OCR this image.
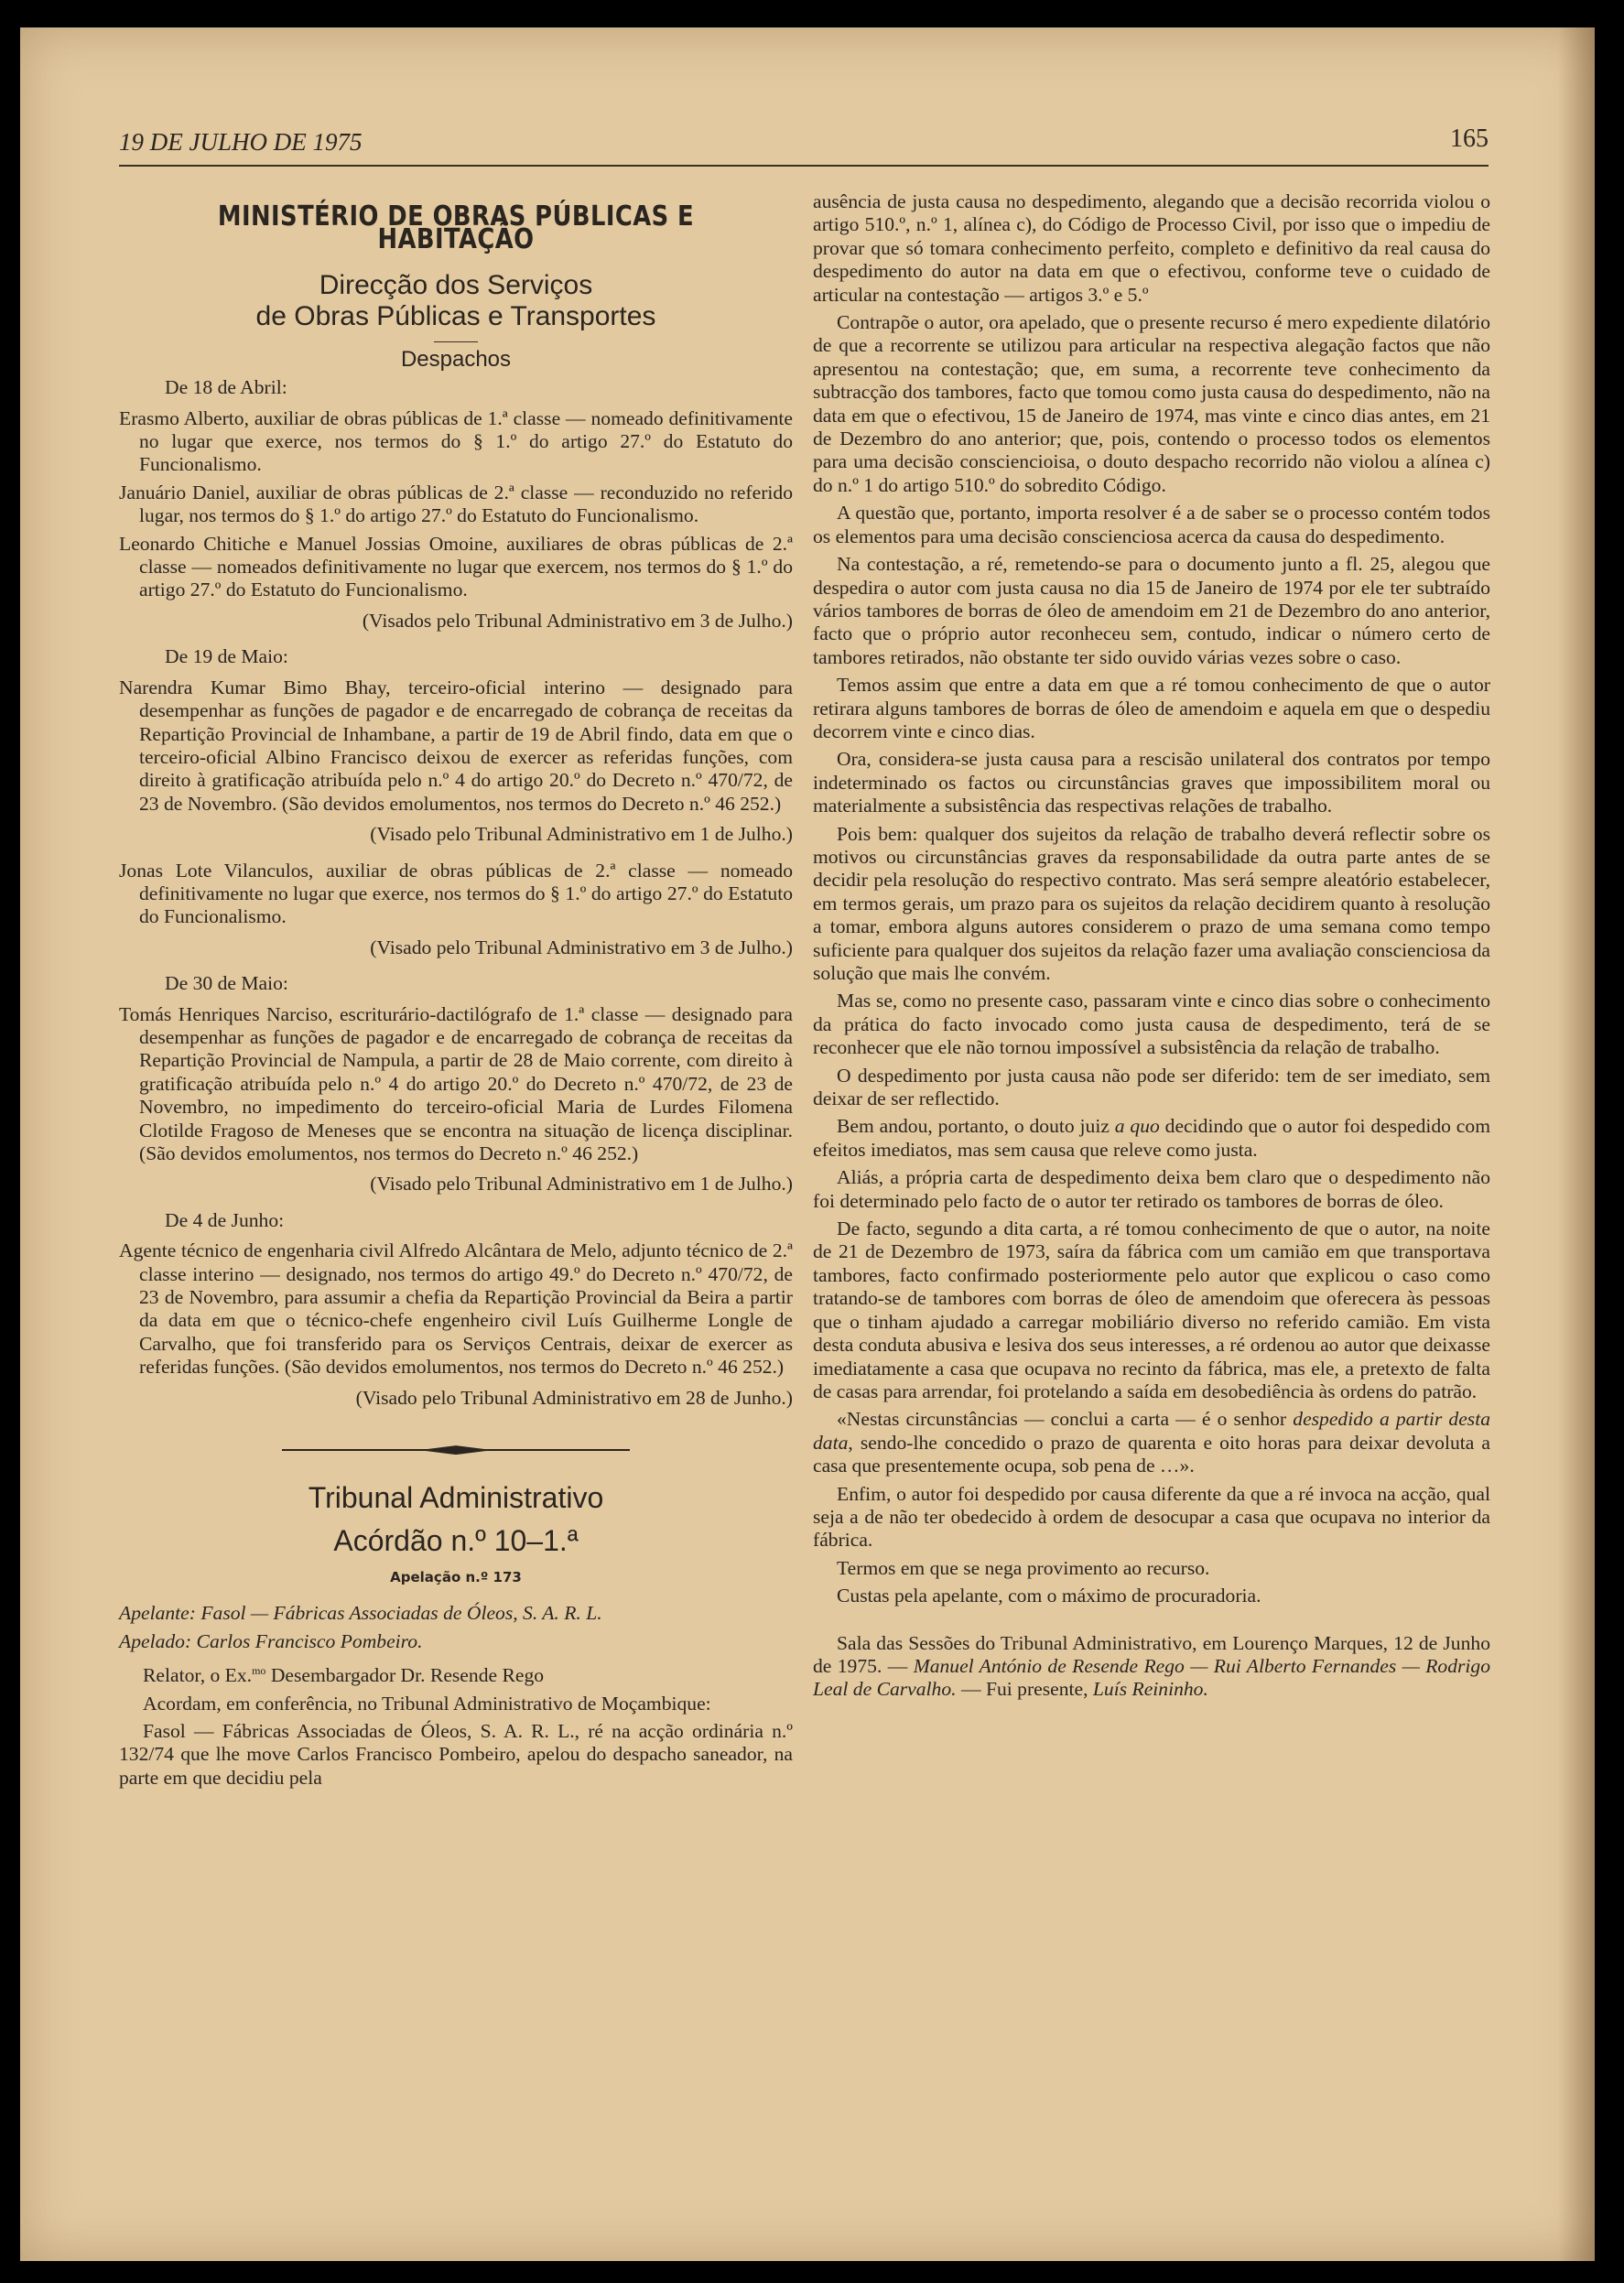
19 DE JULHO DE 1975	165
MINISTÉRIO DE OBRAS PÚBLICAS E HABITAÇÃO
Direcção dos Serviços
de Obras Públicas e Transportes
Despachos

De 18 de Abril:

Erasmo Alberto, auxiliar de obras públicas de 1.ª classe — nomeado definitivamente no lugar que exerce, nos termos do § 1.º do artigo 27.º do Estatuto do Funcionalismo.

Januário Daniel, auxiliar de obras públicas de 2.ª classe — reconduzido no referido lugar, nos termos do § 1.º do artigo 27.º do Estatuto do Funcionalismo.

Leonardo Chitiche e Manuel Jossias Omoine, auxiliares de obras públicas de 2.ª classe — nomeados definitivamente no lugar que exercem, nos termos do § 1.º do artigo 27.º do Estatuto do Funcionalismo.

(Visados pelo Tribunal Administrativo em 3 de Julho.)

De 19 de Maio:

Narendra Kumar Bimo Bhay, terceiro-oficial interino — designado para desempenhar as funções de pagador e de encarregado de cobrança de receitas da Repartição Provincial de Inhambane, a partir de 19 de Abril findo, data em que o terceiro-oficial Albino Francisco deixou de exercer as referidas funções, com direito à gratificação atribuída pelo n.º 4 do artigo 20.º do Decreto n.º 470/72, de 23 de Novembro. (São devidos emolumentos, nos termos do Decreto n.º 46 252.)

(Visado pelo Tribunal Administrativo em 1 de Julho.)

Jonas Lote Vilanculos, auxiliar de obras públicas de 2.ª classe — nomeado definitivamente no lugar que exerce, nos termos do § 1.º do artigo 27.º do Estatuto do Funcionalismo.

(Visado pelo Tribunal Administrativo em 3 de Julho.)

De 30 de Maio:

Tomás Henriques Narciso, escriturário-dactilógrafo de 1.ª classe — designado para desempenhar as funções de pagador e de encarregado de cobrança de receitas da Repartição Provincial de Nampula, a partir de 28 de Maio corrente, com direito à gratificação atribuída pelo n.º 4 do artigo 20.º do Decreto n.º 470/72, de 23 de Novembro, no impedimento do terceiro-oficial Maria de Lurdes Filomena Clotilde Fragoso de Meneses que se encontra na situação de licença disciplinar. (São devidos emolumentos, nos termos do Decreto n.º 46 252.)

(Visado pelo Tribunal Administrativo em 1 de Julho.)

De 4 de Junho:

Agente técnico de engenharia civil Alfredo Alcântara de Melo, adjunto técnico de 2.ª classe interino — designado, nos termos do artigo 49.º do Decreto n.º 470/72, de 23 de Novembro, para assumir a chefia da Repartição Provincial da Beira a partir da data em que o técnico-chefe engenheiro civil Luís Guilherme Longle de Carvalho, que foi transferido para os Serviços Centrais, deixar de exercer as referidas funções. (São devidos emolumentos, nos termos do Decreto n.º 46 252.)

(Visado pelo Tribunal Administrativo em 28 de Junho.)

Tribunal Administrativo
Acórdão n.º 10–1.ª
Apelação n.º 173

Apelante: Fasol — Fábricas Associadas de Óleos, S. A. R. L.

Apelado: Carlos Francisco Pombeiro.

Relator, o Ex.$^{mo}$ Desembargador Dr. Resende Rego

Acordam, em conferência, no Tribunal Administrativo de Moçambique:

Fasol — Fábricas Associadas de Óleos, S. A. R. L., ré na acção ordinária n.º 132/74 que lhe move Carlos Francisco Pombeiro, apelou do despacho saneador, na parte em que decidiu pela

ausência de justa causa no despedimento, alegando que a decisão recorrida violou o artigo 510.º, n.º 1, alínea c), do Código de Processo Civil, por isso que o impediu de provar que só tomara conhecimento perfeito, completo e definitivo da real causa do despedimento do autor na data em que o efectivou, conforme teve o cuidado de articular na contestação — artigos 3.º e 5.º

Contrapõe o autor, ora apelado, que o presente recurso é mero expediente dilatório de que a recorrente se utilizou para articular na respectiva alegação factos que não apresentou na contestação; que, em suma, a recorrente teve conhecimento da subtracção dos tambores, facto que tomou como justa causa do despedimento, não na data em que o efectivou, 15 de Janeiro de 1974, mas vinte e cinco dias antes, em 21 de Dezembro do ano anterior; que, pois, contendo o processo todos os elementos para uma decisão consciencioisa, o douto despacho recorrido não violou a alínea c) do n.º 1 do artigo 510.º do sobredito Código.

A questão que, portanto, importa resolver é a de saber se o processo contém todos os elementos para uma decisão conscienciosa acerca da causa do despedimento.

Na contestação, a ré, remetendo-se para o documento junto a fl. 25, alegou que despedira o autor com justa causa no dia 15 de Janeiro de 1974 por ele ter subtraído vários tambores de borras de óleo de amendoim em 21 de Dezembro do ano anterior, facto que o próprio autor reconheceu sem, contudo, indicar o número certo de tambores retirados, não obstante ter sido ouvido várias vezes sobre o caso.

Temos assim que entre a data em que a ré tomou conhecimento de que o autor retirara alguns tambores de borras de óleo de amendoim e aquela em que o despediu decorrem vinte e cinco dias.

Ora, considera-se justa causa para a rescisão unilateral dos contratos por tempo indeterminado os factos ou circunstâncias graves que impossibilitem moral ou materialmente a subsistência das respectivas relações de trabalho.

Pois bem: qualquer dos sujeitos da relação de trabalho deverá reflectir sobre os motivos ou circunstâncias graves da responsabilidade da outra parte antes de se decidir pela resolução do respectivo contrato. Mas será sempre aleatório estabelecer, em termos gerais, um prazo para os sujeitos da relação decidirem quanto à resolução a tomar, embora alguns autores considerem o prazo de uma semana como tempo suficiente para qualquer dos sujeitos da relação fazer uma avaliação conscienciosa da solução que mais lhe convém.

Mas se, como no presente caso, passaram vinte e cinco dias sobre o conhecimento da prática do facto invocado como justa causa de despedimento, terá de se reconhecer que ele não tornou impossível a subsistência da relação de trabalho.

O despedimento por justa causa não pode ser diferido: tem de ser imediato, sem deixar de ser reflectido.

Bem andou, portanto, o douto juiz a quo decidindo que o autor foi despedido com efeitos imediatos, mas sem causa que releve como justa.

Aliás, a própria carta de despedimento deixa bem claro que o despedimento não foi determinado pelo facto de o autor ter retirado os tambores de borras de óleo.

De facto, segundo a dita carta, a ré tomou conhecimento de que o autor, na noite de 21 de Dezembro de 1973, saíra da fábrica com um camião em que transportava tambores, facto confirmado posteriormente pelo autor que explicou o caso como tratando-se de tambores com borras de óleo de amendoim que oferecera às pessoas que o tinham ajudado a carregar mobiliário diverso no referido camião. Em vista desta conduta abusiva e lesiva dos seus interesses, a ré ordenou ao autor que deixasse imediatamente a casa que ocupava no recinto da fábrica, mas ele, a pretexto de falta de casas para arrendar, foi protelando a saída em desobediência às ordens do patrão.

«Nestas circunstâncias — conclui a carta — é o senhor despedido a partir desta data, sendo-lhe concedido o prazo de quarenta e oito horas para deixar devoluta a casa que presentemente ocupa, sob pena de …».

Enfim, o autor foi despedido por causa diferente da que a ré invoca na acção, qual seja a de não ter obedecido à ordem de desocupar a casa que ocupava no interior da fábrica.

Termos em que se nega provimento ao recurso.

Custas pela apelante, com o máximo de procuradoria.

Sala das Sessões do Tribunal Administrativo, em Lourenço Marques, 12 de Junho de 1975. — Manuel António de Resende Rego — Rui Alberto Fernandes — Rodrigo Leal de Carvalho. — Fui presente, Luís Reininho.
